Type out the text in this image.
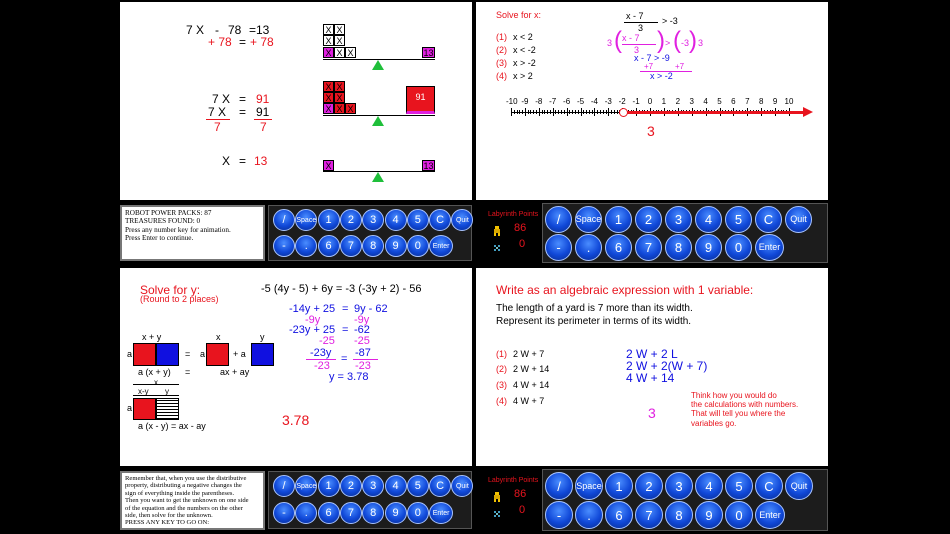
7 X - 78 = 13
+ 78 = + 78
7 X = 91
7 X = 91
7	7
X = 13
X X
X X
X X X	13
X X
X X
X X X
91
X	13
Solve for x:
(1) x < 2
(2) x < -2
(3) x > -2
(4) x > 2
x - 7
3
> -3
3 ( x - 7
3 ) > ( -3 ) 3
x - 7 > -9
+7	+7
x > -2
-10 -9 -8 -7 -6 -5 -4 -3 -2 -1	0	1	2	3	4	5	6	7	8	9 10
3
Solve for y:
(Round to 2 places)
-5 (4y - 5) + 6y = -3 (-3y + 2) - 56
-14y + 25 = 9y - 62
-9y	-9y
-23y + 25 = -62
-25 -25
-23y
-23
= -87
-23
y = 3.78
3.78
a
x + y
= a
x
+ a
y
a (x + y) =	ax + ay
x
x-y y
a
a (x - y) = ax - ay
Write as an algebraic expression with 1 variable:
The length of a yard is 7 more than its width.
Represent its perimeter in terms of its width.
(1) 2 W + 7
(2) 2 W + 14
(3) 4 W + 14
(4) 4 W + 7
2 W + 2 L
2 W + 2(W + 7)
4 W + 14
Think how you would do
the calculations with numbers.
That will tell you where the
variables go.
3
ROBOT POWER PACKS: 87
TREASURES FOUND: 0
Press any number key for animation.
Press Enter to continue.
Remember that, when you use the distributive
property, distributing a negative changes the
sign of everything inside the parentheses.
Then you want to get the unknown on one side
of the equation and the numbers on the other
side, then solve for the unknown.
PRESS ANY KEY TO GO ON:
Labyrinth Points
86
0
Labyrinth Points
86
0
/	Space 1	2	3	4	5	C	Quit
-	.	6	7	8	9	0	Enter
/	Space	1	2	3	4	5	C	Quit
-	.	6	7	8	9	0	Enter
/	Space 1	2	3	4	5	C	Quit
-	.	6	7	8	9	0	Enter
/	Space	1	2	3	4	5	C	Quit
-	.	6	7	8	9	0	Enter
